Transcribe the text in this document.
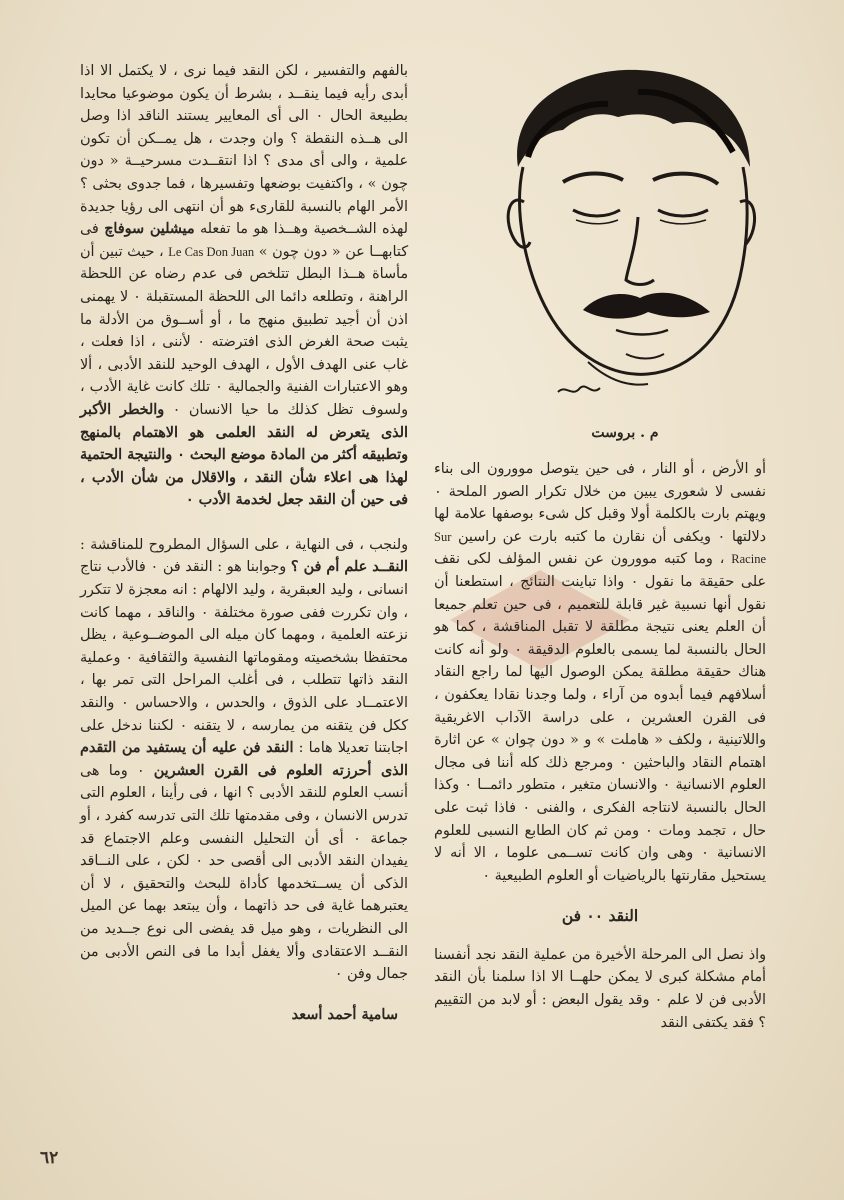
بالفهم والتفسير ، لكن النقد فيما نرى ، لا يكتمل الا اذا أبدى رأيه فيما ينقــد ، بشرط أن يكون موضوعيا محايدا بطبيعة الحال ٠ الى أى المعايير يستند الناقد اذا وصل الى هــذه النقطة ؟ وان وجدت ، هل يمــكن أن تكون علمية ، والى أى مدى ؟ اذا انتقــدت مسرحيــة « دون چون » ، واكتفيت بوضعها وتفسيرها ، فما جدوى بحثى ؟ الأمر الهام بالنسبة للقارىء هو أن انتهى الى رؤيا جديدة لهذه الشــخصية وهــذا هو ما تفعله ميشلين سوفاچ فى كتابهــا عن « دون چون » Le Cas Don Juan ، حيث تبين أن مأساة هــذا البطل تتلخص فى عدم رضاه عن اللحظة الراهنة ، وتطلعه دائما الى اللحظة المستقبلة ٠ لا يهمنى اذن أن أجيد تطبيق منهج ما ، أو أســوق من الأدلة ما يثبت صحة الغرض الذى افترضته ٠ لأننى ، اذا فعلت ، غاب عنى الهدف الأول ، الهدف الوحيد للنقد الأدبى ، ألا وهو الاعتبارات الفنية والجمالية ٠ تلك كانت غاية الأدب ، ولسوف تظل كذلك ما حيا الانسان ٠ والخطر الأكبر الذى يتعرض له النقد العلمى هو الاهتمام بالمنهج وتطبيقه أكثر من المادة موضع البحث ٠ والنتيجة الحتمية لهذا هى اعلاء شأن النقد ، والاقلال من شأن الأدب ، فى حين أن النقد جعل لخدمة الأدب ٠

ولنجب ، فى النهاية ، على السؤال المطروح للمناقشة : النقــد علم أم فن ؟ وجوابنا هو : النقد فن ٠ فالأدب نتاج انسانى ، وليد العبقرية ، وليد الالهام : انه معجزة لا تتكرر ، وان تكررت ففى صورة مختلفة ٠ والناقد ، مهما كانت نزعته العلمية ، ومهما كان ميله الى الموضــوعية ، يظل محتفظا بشخصيته ومقوماتها النفسية والثقافية ٠ وعملية النقد ذاتها تتطلب ، فى أغلب المراحل التى تمر بها ، الاعتمــاد على الذوق ، والحدس ، والاحساس ٠ والنقد ككل فن يتقنه من يمارسه ، لا يتقنه ٠ لكننا ندخل على اجابتنا تعديلا هاما : النقد فن عليه أن يستفيد من التقدم الذى أحرزته العلوم فى القرن العشرين ٠ وما هى أنسب العلوم للنقد الأدبى ؟ انها ، فى رأينا ، العلوم التى تدرس الانسان ، وفى مقدمتها تلك التى تدرسه كفرد ، أو جماعة ٠ أى أن التحليل النفسى وعلم الاجتماع قد يفيدان النقد الأدبى الى أقصى حد ٠ لكن ، على النــاقد الذكى أن يســتخدمها كأداة للبحث والتحقيق ، لا أن يعتبرهما غاية فى حد ذاتهما ، وأن يبتعد بهما عن الميل الى النظريات ، وهو ميل قد يفضى الى نوع جــديد من النقــد الاعتقادى وألا يغفل أبدا ما فى النص الأدبى من جمال وفن ٠

سامية أحمد أسعد
م . بروست

أو الأرض ، أو النار ، فى حين يتوصل موورون الى بناء نفسى لا شعورى يبين من خلال تكرار الصور الملحة ٠ ويهتم بارت بالكلمة أولا وقبل كل شىء بوصفها علامة لها دلالتها ٠ ويكفى أن نقارن ما كتبه بارت عن راسين Sur Racine ، وما كتبه موورون عن نفس المؤلف لكى نقف على حقيقة ما نقول ٠ واذا تباينت النتائج ، استطعنا أن نقول أنها نسبية غير قابلة للتعميم ، فى حين تعلم جميعا أن العلم يعنى نتيجة مطلقة لا تقبل المناقشة ، كما هو الحال بالنسبة لما يسمى بالعلوم الدقيقة ٠ ولو أنه كانت هناك حقيقة مطلقة يمكن الوصول اليها لما راجع النقاد أسلافهم فيما أبدوه من آراء ، ولما وجدنا نقادا يعكفون ، فى القرن العشرين ، على دراسة الآداب الاغريقية واللاتينية ، ولكف « هاملت » و « دون چوان » عن اثارة اهتمام النقاد والباحثين ٠ ومرجع ذلك كله أننا فى مجال العلوم الانسانية ٠ والانسان متغير ، متطور دائمــا ٠ وكذا الحال بالنسبة لانتاجه الفكرى ، والفنى ٠ فاذا ثبت على حال ، تجمد ومات ٠ ومن ثم كان الطابع النسبى للعلوم الانسانية ٠ وهى وان كانت تســمى علوما ، الا أنه لا يستحيل مقارنتها بالرياضيات أو العلوم الطبيعية ٠

النقد ٠٠ فن

واذ نصل الى المرحلة الأخيرة من عملية النقد نجد أنفسنا أمام مشكلة كبرى لا يمكن حلهــا الا اذا سلمنا بأن النقد الأدبى فن لا علم ٠ وقد يقول البعض : أو لابد من التقييم ؟ فقد يكتفى النقد

٦٢
